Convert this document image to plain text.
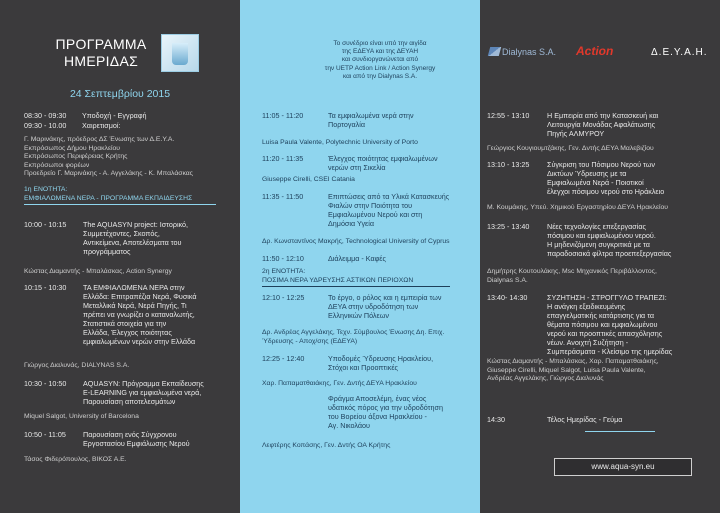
ΠΡΟΓΡΑΜΜΑ
ΗΜΕΡΙΔΑΣ
24 Σεπτεμβρίου 2015
08:30 - 09:30 Υποδοχή - Εγγραφή
09:30 - 10.00 Χαιρετισμοί:
Γ. Μαρινάκης, πρόεδρος ΔΣ Ένωσης των Δ.Ε.Υ.Α.
Εκπρόσωπος Δήμου Ηρακλείου
Εκπρόσωπος Περιφέρειας Κρήτης
Εκπρόσωποι φορέων
Προεδρείο Γ. Μαρινάκης - Α. Αγγελάκης - Κ. Μπαλάσκας
1η ΕΝΟΤΗΤΑ:
ΕΜΦΙΑΛΩΜΕΝΑ ΝΕΡΑ - ΠΡΟΓΡΑΜΜΑ ΕΚΠΑΙΔΕΥΣΗΣ
10:00 - 10:15 The AQUASYN project: Ιστορικό,
Συμμετέχοντες, Σκοπός,
Αντικείμενα, Αποτελέσματα του
προγράμματος
Κώστας Διαμαντής - Μπαλάσκας, Action Synergy
10:15 - 10:30 ΤΑ ΕΜΦΙΑΛΩΜΕΝΑ ΝΕΡΑ στην
Ελλάδα: Επιτραπέζια Νερά, Φυσικά
Μεταλλικά Νερά, Νερά Πηγής, Τι
πρέπει να γνωρίζει ο καταναλωτής,
Στατιστικά στοιχεία για την
Ελλάδα, Έλεγχος ποιότητας
εμφιαλωμένων νερών στην Ελλάδα
Γιώργος Διαλυνάς, DIALYNAS S.A.
10:30 - 10:50 AQUASYN: Πρόγραμμα Εκπαίδευσης
E-LEARNING για εμφιαλωμένα νερά,
Παρουσίαση αποτελεσμάτων
Miquel Salgot, University of Barcelona
10:50 - 11:05 Παρουσίαση ενός Σύγχρονου
Εργοστασίου Εμφιάλωσης Νερού
Τάσος Φιδερόπουλος, ΒΙΚΟΣ Α.Ε.
Το συνέδριο είναι υπό την αιγίδα
της ΕΔΕΥΑ και της ΔΕΥΑΗ
και συνδιοργανώνεται από
την UETP Action Link / Action Synergy
και από την Dialynas S.A.
11:05 - 11:20	Τα εμφιαλωμένα νερά στην
Πορτογαλία
Luisa Paula Valente, Polytechnic University of Porto
11:20 - 11:35	Έλεγχος ποιότητας εμφιαλωμένων
νερών στη Σικελία
Giuseppe Cirelli, CSEI Catania
11:35 - 11:50	Επιπτώσεις από τα Υλικά Κατασκευής
Φιαλών στην Ποιότητα του
Εμφιαλωμένου Νερού και στη
Δημόσια Υγεία
Δρ. Κωνσταντίνος Μακρής, Technological University of Cyprus
11:50 - 12:10	Διάλειμμα - Καφές
2η ΕΝΟΤΗΤΑ:
ΠΟΣΙΜΑ ΝΕΡΑ ΥΔΡΕΥΣΗΣ ΑΣΤΙΚΩΝ ΠΕΡΙΟΧΩΝ
12:10 - 12:25	Το έργο, ο ρόλος και η εμπειρία των
ΔΕΥΑ στην υδροδότηση των
Ελληνικών Πόλεων
Δρ. Ανδρέας Αγγελάκης, Τεχν. Σύμβουλος Ένωσης Δη. Επιχ.
Ύδρευσης - Αποχ/σης (ΕΔΕΥΑ)
12:25 - 12:40	Υποδομές Ύδρευσης Ηρακλείου,
Στόχοι και Προοπτικές
Χαρ. Παπαματθαιάκης, Γεν. Δντής ΔΕΥΑ Ηρακλείου
Φράγμα Αποσελέμη, ένας νέος
υδατικός πόρος για την υδροδότηση
του Βορείου άξονα Ηρακλείου -
Αγ. Νικολάου
Λεφτέρης Κοπάσης, Γεν. Δντής ΟΑ Κρήτης
Dialynas S.A. Action	Δ.Ε.Υ.Α.Η.
12:55 - 13:10 Η Εμπειρία από την Κατασκευή και
Λειτουργία Μονάδας Αφαλάτωσης
Πηγής ΑΛΜΥΡΟΥ
Γεώργιος Κουγιουμτζάκης, Γεν. Δντής ΔΕΥΑ Μαλεβιζίου
13:10 - 13:25 Σύγκριση του Πόσιμου Νερού των
Δικτύων Ύδρευσης με τα
Εμφιαλωμένα Νερά - Ποιοτικοί
έλεγχοι πόσιμου νερού στο Ηράκλειο
Μ. Κουμάκης, Υπεύ. Χημικού Εργαστηρίου ΔΕΥΑ Ηρακλείου
13:25 - 13:40 Νέες τεχνολογίες επεξεργασίας
πόσιμου και εμφιαλωμένου νερού.
Η μηδενιζόμενη συγκριτικά με τα
παραδοσιακά φίλτρα προεπεξεργασίας
Δημήτρης Κουτουλάκης, Msc Μηχανικός Περιβάλλοντος,
Dialynas S.A.
13:40- 14:30	ΣΥΖΗΤΗΣΗ - ΣΤΡΟΓΓΥΛΟ ΤΡΑΠΕΖΙ:
Η ανάγκη εξειδικευμένης
επαγγελματικής κατάρτισης για τα
θέματα πόσιμου και εμφιαλωμένου
νερού και προοπτικές απασχόλησης
νέων. Ανοιχτή Συζήτηση -
Συμπεράσματα - Κλείσιμο της ημερίδας
Κώστας Διαμαντής - Μπαλάσκας, Χαρ. Παπαματθαιάκης,
Giuseppe Cirelli, Miquel Salgot, Luisa Paula Valente,
Ανδρέας Αγγελάκης, Γιώργος Διαλυνάς
14:30	Τέλος Ημερίδας - Γεύμα
www.aqua-syn.eu
